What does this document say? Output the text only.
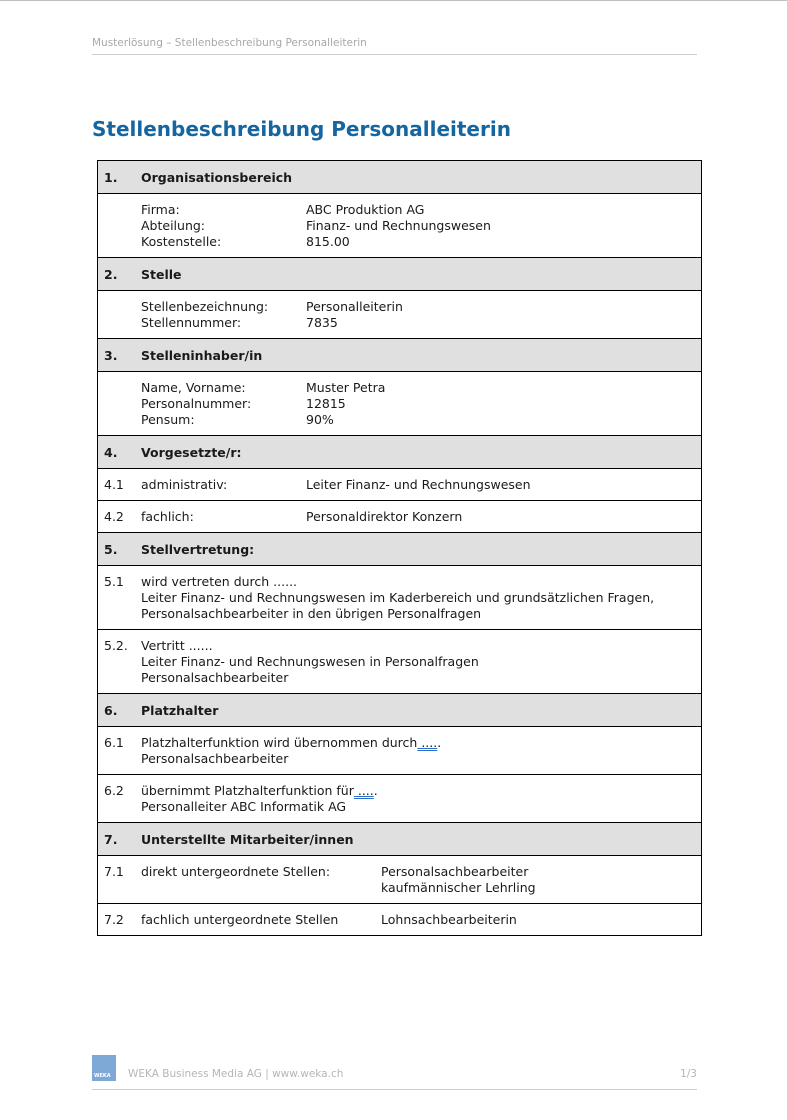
Musterlösung – Stellenbeschreibung Personalleiterin
Stellenbeschreibung Personalleiterin
1.	Organisationsbereich

Firma:	ABC Produktion AG
Abteilung:	Finanz- und Rechnungswesen
Kostenstelle:	815.00

2.	Stelle

Stellenbezeichnung:	Personalleiterin
Stellennummer:	7835

3.	Stelleninhaber/in

Name, Vorname:	Muster Petra
Personalnummer:	12815
Pensum:	90%

4.	Vorgesetzte/r:

4.1	administrativ:	Leiter Finanz- und Rechnungswesen

4.2	fachlich:	Personaldirektor Konzern

5.	Stellvertretung:

5.1	wird vertreten durch ......
Leiter Finanz- und Rechnungswesen im Kaderbereich und grundsätzlichen Fragen,
Personalsachbearbeiter in den übrigen Personalfragen

5.2.	Vertritt ......
Leiter Finanz- und Rechnungswesen in Personalfragen
Personalsachbearbeiter

6.	Platzhalter

6.1	Platzhalterfunktion wird übernommen durch .....
Personalsachbearbeiter

6.2	übernimmt Platzhalterfunktion für .....
Personalleiter ABC Informatik AG

7.	Unterstellte Mitarbeiter/innen

7.1	direkt untergeordnete Stellen:	Personalsachbearbeiter
kaufmännischer Lehrling

7.2	fachlich untergeordnete Stellen	Lohnsachbearbeiterin
WEKA WEKA Business Media AG | www.weka.ch	1/3
